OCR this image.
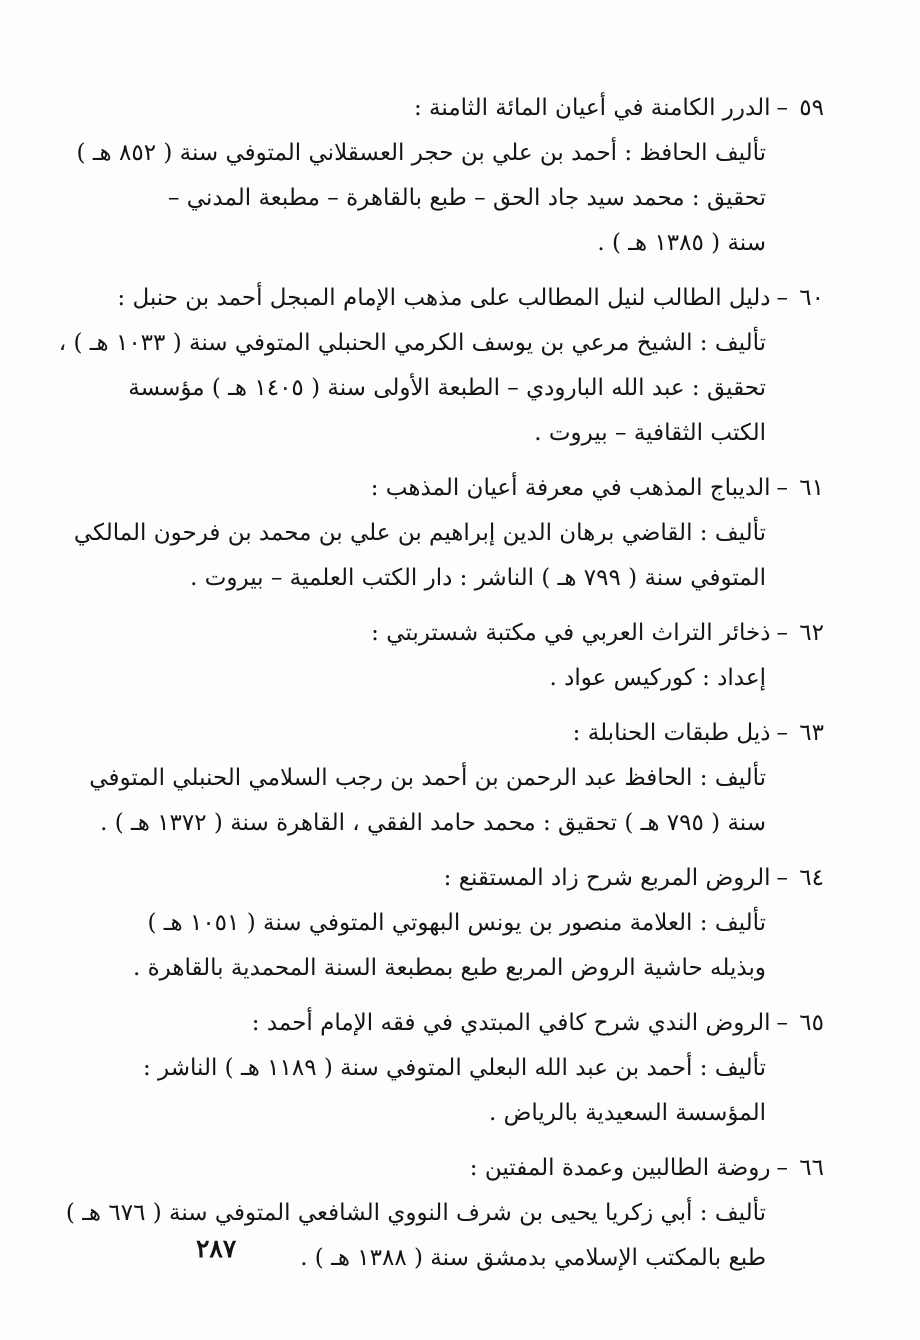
٥٩–الدرر الكامنة في أعيان المائة الثامنة :
تأليف الحافظ : أحمد بن علي بن حجر العسقلاني المتوفي سنة ( ٨٥٢ هـ )
تحقيق : محمد سيد جاد الحق – طبع بالقاهرة – مطبعة المدني –
سنة ( ١٣٨٥ هـ ) .
٦٠–دليل الطالب لنيل المطالب على مذهب الإمام المبجل أحمد بن حنبل :
تأليف : الشيخ مرعي بن يوسف الكرمي الحنبلي المتوفي سنة ( ١٠٣٣ هـ ) ،
تحقيق : عبد الله البارودي – الطبعة الأولى سنة ( ١٤٠٥ هـ ) مؤسسة
الكتب الثقافية – بيروت .
٦١–الديباج المذهب في معرفة أعيان المذهب :
تأليف : القاضي برهان الدين إبراهيم بن علي بن محمد بن فرحون المالكي
المتوفي سنة ( ٧٩٩ هـ ) الناشر : دار الكتب العلمية – بيروت .
٦٢–ذخائر التراث العربي في مكتبة شستربتي :
إعداد : كوركيس عواد .
٦٣–ذيل طبقات الحنابلة :
تأليف : الحافظ عبد الرحمن بن أحمد بن رجب السلامي الحنبلي المتوفي
سنة ( ٧٩٥ هـ ) تحقيق : محمد حامد الفقي ، القاهرة سنة ( ١٣٧٢ هـ ) .
٦٤–الروض المربع شرح زاد المستقنع :
تأليف : العلامة منصور بن يونس البهوتي المتوفي سنة ( ١٠٥١ هـ )
وبذيله حاشية الروض المربع طبع بمطبعة السنة المحمدية بالقاهرة .
٦٥–الروض الندي شرح كافي المبتدي في فقه الإمام أحمد :
تأليف : أحمد بن عبد الله البعلي المتوفي سنة ( ١١٨٩ هـ ) الناشر :
المؤسسة السعيدية بالرياض .
٦٦–روضة الطالبين وعمدة المفتين :
تأليف : أبي زكريا يحيى بن شرف النووي الشافعي المتوفي سنة ( ٦٧٦ هـ )
طبع بالمكتب الإسلامي بدمشق سنة ( ١٣٨٨ هـ ) .
٢٨٧
